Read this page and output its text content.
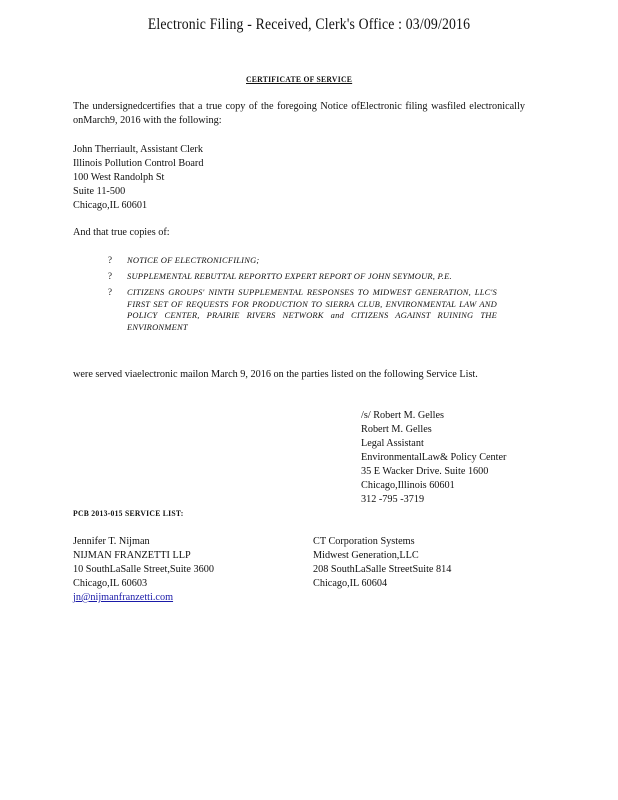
Electronic Filing - Received, Clerk's Office : 03/09/2016
CERTIFICATE OF SERVICE
The undersignedcertifies that a true copy of the foregoing Notice ofElectronic filing wasfiled electronically onMarch9, 2016 with the following:
John Therriault, Assistant Clerk
Illinois Pollution Control Board
100 West Randolph St
Suite 11-500
Chicago,IL 60601
And that true copies of:
? NOTICE OF ELECTRONICFILING;
? SUPPLEMENTAL REBUTTAL REPORTTO EXPERT REPORT OF JOHN SEYMOUR, P.E.
? CITIZENS GROUPS' NINTH SUPPLEMENTAL RESPONSES TO MIDWEST GENERATION, LLC'S FIRST SET OF REQUESTS FOR PRODUCTION TO SIERRA CLUB, ENVIRONMENTAL LAW AND POLICY CENTER, PRAIRIE RIVERS NETWORK and CITIZENS AGAINST RUINING THE ENVIRONMENT
were served viaelectronic mailon March 9, 2016 on the parties listed on the following Service List.
/s/ Robert M. Gelles
Robert M. Gelles
Legal Assistant
EnvironmentalLaw& Policy Center
35 E Wacker Drive. Suite 1600
Chicago,Illinois 60601
312 -795 -3719
PCB 2013-015 SERVICE LIST:
Jennifer T. Nijman
NIJMAN FRANZETTI LLP
10 SouthLaSalle Street,Suite 3600
Chicago,IL 60603
jn@nijmanfranzetti.com
CT Corporation Systems
Midwest Generation,LLC
208 SouthLaSalle StreetSuite 814
Chicago,IL 60604
